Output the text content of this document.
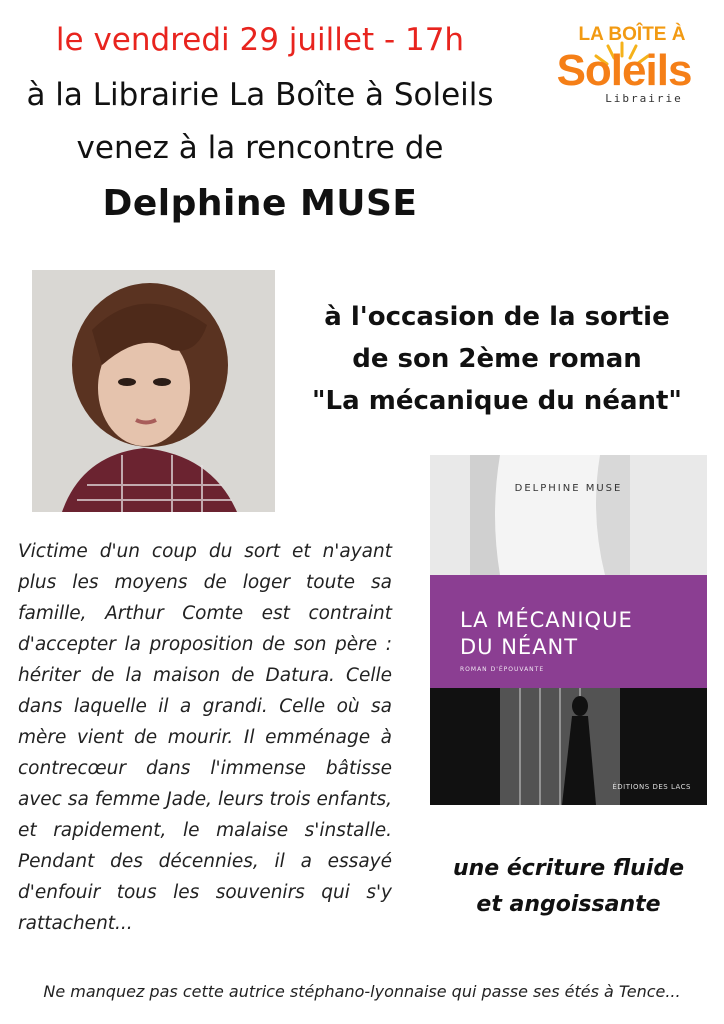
le vendredi 29 juillet - 17h
à la Librairie La Boîte à Soleils
venez à la rencontre de
Delphine MUSE
LA BOÎTE À
Soleils
Librairie
à l'occasion de la sortie
de son 2ème roman
"La mécanique du néant"
DELPHINE MUSE
LA MÉCANIQUE
DU NÉANT
ROMAN D'ÉPOUVANTE
ÉDITIONS DES LACS
Victime d'un coup du sort et n'ayant plus les moyens de loger toute sa famille, Arthur Comte est contraint d'accepter la proposition de son père : hériter de la maison de Datura. Celle dans laquelle il a grandi. Celle où sa mère vient de mourir. Il emménage à contrecœur dans l'immense bâtisse avec sa femme Jade, leurs trois enfants, et rapidement, le malaise s'installe. Pendant des décennies, il a essayé d'enfouir tous les souvenirs qui s'y rattachent...
une écriture fluide
et angoissante
Ne manquez pas cette autrice stéphano-lyonnaise qui passe ses étés à Tence...
